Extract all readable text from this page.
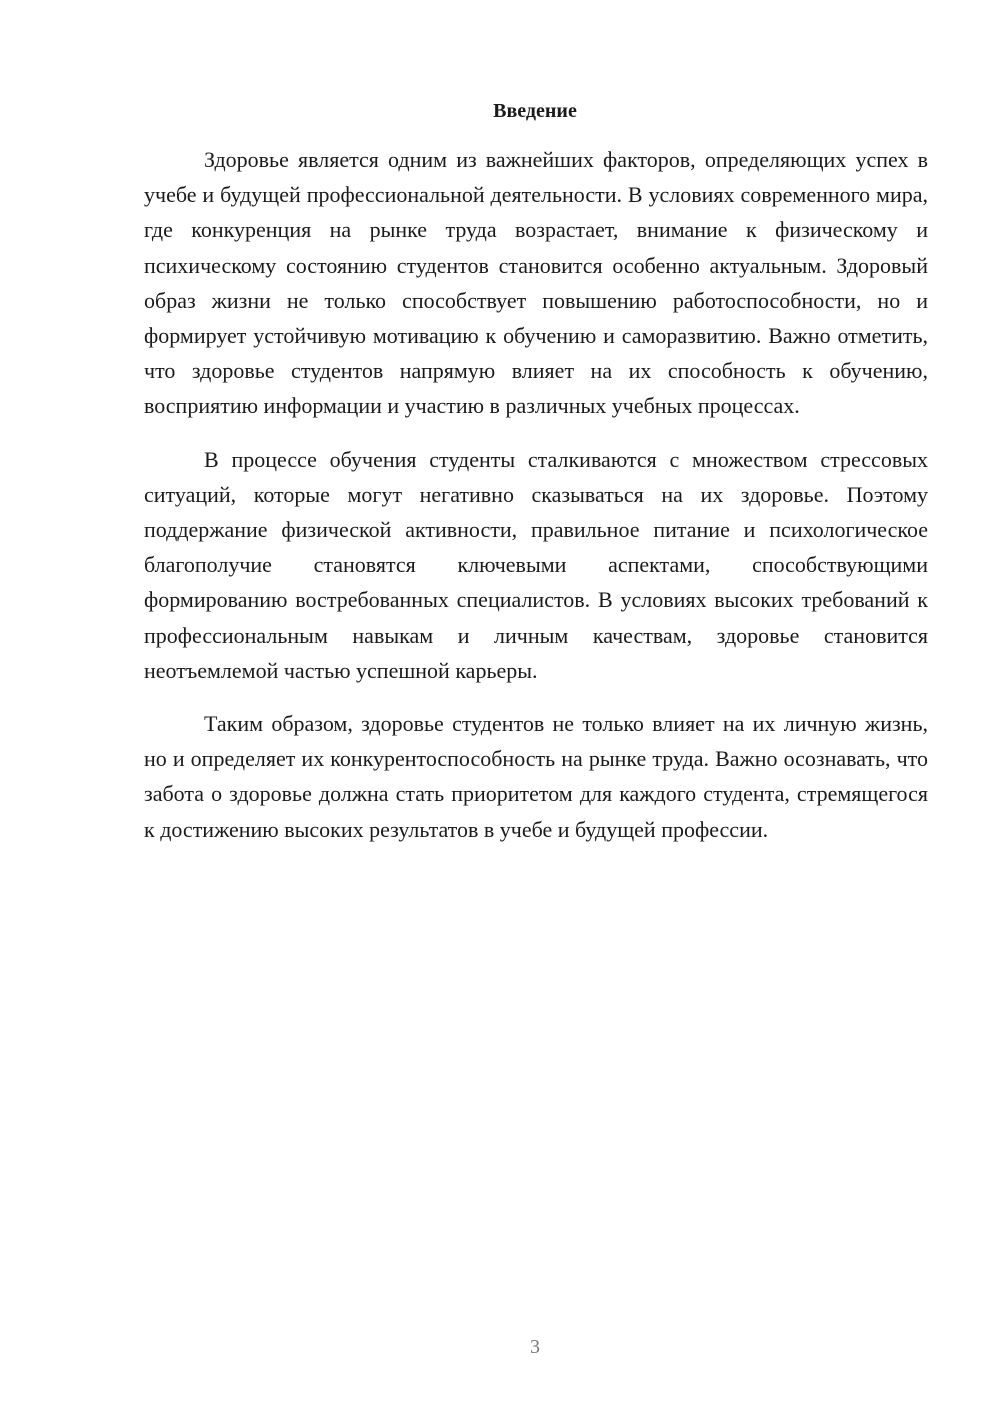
Введение

Здоровье является одним из важнейших факторов, определяющих успех в учебе и будущей профессиональной деятельности. В условиях современного мира, где конкуренция на рынке труда возрастает, внимание к физическому и психическому состоянию студентов становится особенно актуальным. Здоровый образ жизни не только способствует повышению работоспособности, но и формирует устойчивую мотивацию к обучению и саморазвитию. Важно отметить, что здоровье студентов напрямую влияет на их способность к обучению, восприятию информации и участию в различных учебных процессах.

В процессе обучения студенты сталкиваются с множеством стрессовых ситуаций, которые могут негативно сказываться на их здоровье. Поэтому поддержание физической активности, правильное питание и психологическое благополучие становятся ключевыми аспектами, способствующими формированию востребованных специалистов. В условиях высоких требований к профессиональным навыкам и личным качествам, здоровье становится неотъемлемой частью успешной карьеры.

Таким образом, здоровье студентов не только влияет на их личную жизнь, но и определяет их конкурентоспособность на рынке труда. Важно осознавать, что забота о здоровье должна стать приоритетом для каждого студента, стремящегося к достижению высоких результатов в учебе и будущей профессии.

3
